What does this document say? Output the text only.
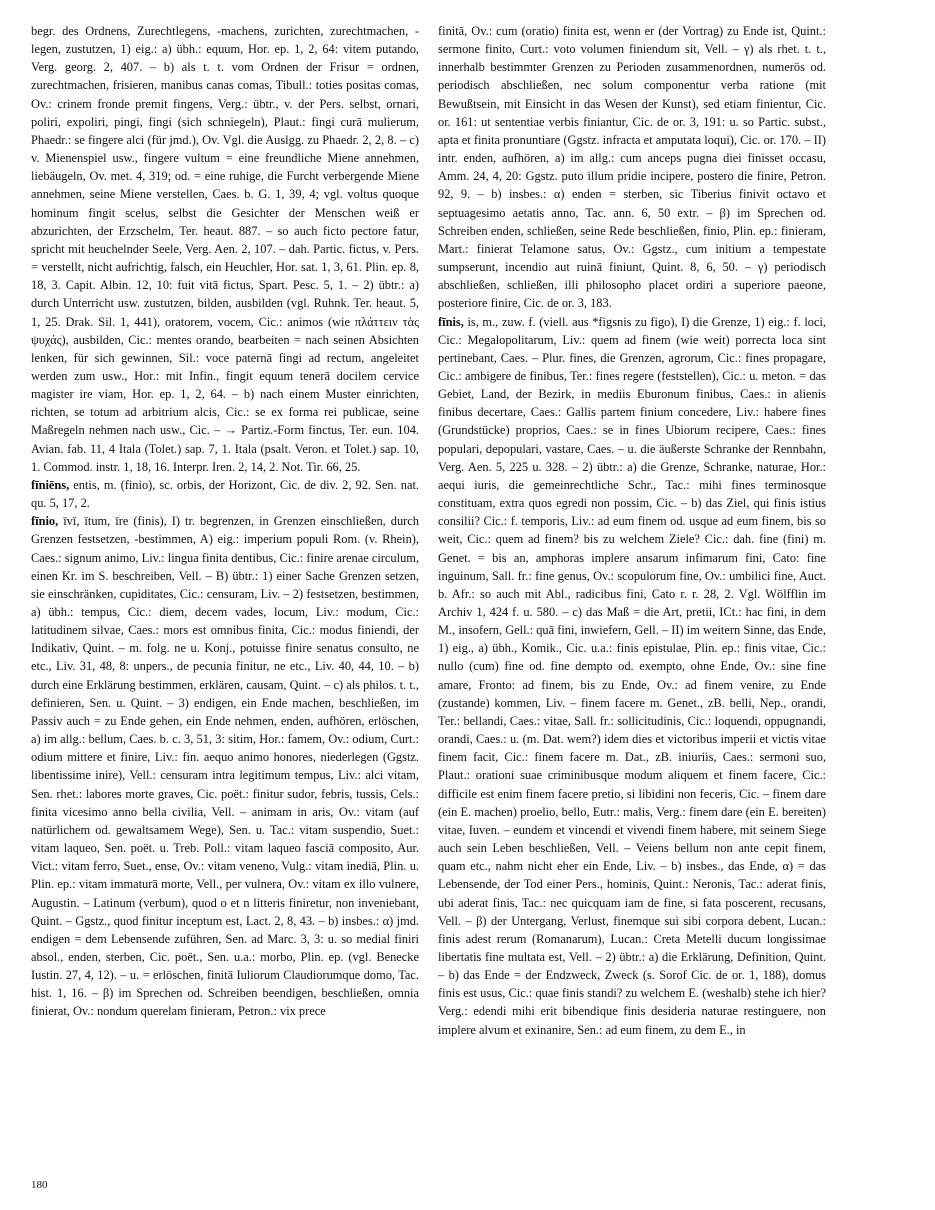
begr. des Ordnens, Zurechtlegens, -machens, zurichten, zurechtmachen, -legen, zustutzen, 1) eig.: a) übh.: equum, Hor. ep. 1, 2, 64: vitem putando, Verg. georg. 2, 407. – b) als t. t. vom Ordnen der Frisur = ordnen, zurechtmachen, frisieren, manibus canas comas, Tibull.: toties positas comas, Ov.: crinem fronde premit fingens, Verg.: übtr., v. der Pers. selbst, ornari, poliri, expoliri, pingi, fingi (sich schniegeln), Plaut.: fingi curā mulierum, Phaedr.: se fingere alci (für jmd.), Ov. Vgl. die Auslgg. zu Phaedr. 2, 2, 8. – c) v. Mienenspiel usw., fingere vultum = eine freundliche Miene annehmen, liebäugeln, Ov. met. 4, 319; od. = eine ruhige, die Furcht verbergende Miene annehmen, seine Miene verstellen, Caes. b. G. 1, 39, 4; vgl. voltus quoque hominum fingit scelus, selbst die Gesichter der Menschen weiß er abzurichten, der Erzschelm, Ter. heaut. 887. – so auch ficto pectore fatur, spricht mit heuchelnder Seele, Verg. Aen. 2, 107. – dah. Partic. fictus, v. Pers. = verstellt, nicht aufrichtig, falsch, ein Heuchler, Hor. sat. 1, 3, 61. Plin. ep. 8, 18, 3. Capit. Albin. 12, 10: fuit vitā fictus, Spart. Pesc. 5, 1. – 2) übtr.: a) durch Unterricht usw. zustutzen, bilden, ausbilden (vgl. Ruhnk. Ter. heaut. 5, 1, 25. Drak. Sil. 1, 441), oratorem, vocem, Cic.: animos (wie πλάττειν τὰς ψυχάς), ausbilden, Cic.: mentes orando, bearbeiten = nach seinen Absichten lenken, für sich gewinnen, Sil.: voce paternā fingi ad rectum, angeleitet werden zum usw., Hor.: mit Infin., fingit equum tenerā docilem cervice magister ire viam, Hor. ep. 1, 2, 64. – b) nach einem Muster einrichten, richten, se totum ad arbitrium alcis, Cic.: se ex forma rei publicae, seine Maßregeln nehmen nach usw., Cic. – → Partiz.-Form finctus, Ter. eun. 104. Avian. fab. 11, 4 Itala (Tolet.) sap. 7, 1. Itala (psalt. Veron. et Tolet.) sap. 10, 1. Commod. instr. 1, 18, 16. Interpr. Iren. 2, 14, 2. Not. Tir. 66, 25.

fīniēns, entis, m. (finio), sc. orbis, der Horizont, Cic. de div. 2, 92. Sen. nat. qu. 5, 17, 2.

fīnio, īvī, ītum, īre (finis), I) tr. begrenzen, in Grenzen einschließen, durch Grenzen festsetzen, -bestimmen, A) eig.: imperium populi Rom. (v. Rhein), Caes.: signum animo, Liv.: lingua finita dentibus, Cic.: finire arenae circulum, einen Kr. im S. beschreiben, Vell. – B) übtr.: 1) einer Sache Grenzen setzen, sie einschränken, cupiditates, Cic.: censuram, Liv. – 2) festsetzen, bestimmen, a) übh.: tempus, Cic.: diem, decem vades, locum, Liv.: modum, Cic.: latitudinem silvae, Caes.: mors est omnibus finita, Cic.: modus finiendi, der Indikativ, Quint. – m. folg. ne u. Konj., potuisse finire senatus consulto, ne etc., Liv. 31, 48, 8: unpers., de pecunia finitur, ne etc., Liv. 40, 44, 10. – b) durch eine Erklärung bestimmen, erklären, causam, Quint. – c) als philos. t. t., definieren, Sen. u. Quint. – 3) endigen, ein Ende machen, beschließen, im Passiv auch = zu Ende gehen, ein Ende nehmen, enden, aufhören, erlöschen, a) im allg.: bellum, Caes. b. c. 3, 51, 3: sitim, Hor.: famem, Ov.: odium, Curt.: odium mittere et finire, Liv.: fin. aequo animo honores, niederlegen (Ggstz. libentissime inire), Vell.: censuram intra legitimum tempus, Liv.: alci vitam, Sen. rhet.: labores morte graves, Cic. poët.: finitur sudor, febris, tussis, Cels.: finita vicesimo anno bella civilia, Vell. – animam in aris, Ov.: vitam (auf natürlichem od. gewaltsamem Wege), Sen. u. Tac.: vitam suspendio, Suet.: vitam laqueo, Sen. poët. u. Treb. Poll.: vitam laqueo fasciā composito, Aur. Vict.: vitam ferro, Suet., ense, Ov.: vitam veneno, Vulg.: vitam inediā, Plin. u. Plin. ep.: vitam immaturā morte, Vell., per vulnera, Ov.: vitam ex illo vulnere, Augustin. – Latinum (verbum), quod o et n litteris finiretur, non inveniebant, Quint. – Ggstz., quod finitur inceptum est, Lact. 2, 8, 43. – b) insbes.: α) jmd. endigen = dem Lebensende zuführen, Sen. ad Marc. 3, 3: u. so medial finiri absol., enden, sterben, Cic. poët., Sen. u.a.: morbo, Plin. ep. (vgl. Benecke Iustin. 27, 4, 12). – u. = erlöschen, finitā Iuliorum Claudiorumque domo, Tac. hist. 1, 16. – β) im Sprechen od. Schreiben beendigen, beschließen, omnia finierat, Ov.: nondum querelam finieram, Petron.: vix prece

finitā, Ov.: cum (oratio) finita est, wenn er (der Vortrag) zu Ende ist, Quint.: sermone finito, Curt.: voto volumen finiendum sit, Vell. – γ) als rhet. t. t., innerhalb bestimmter Grenzen zu Perioden zusammenordnen, numerös od. periodisch abschließen, nec solum componentur verba ratione (mit Bewußtsein, mit Einsicht in das Wesen der Kunst), sed etiam finientur, Cic. or. 161: ut sententiae verbis finiantur, Cic. de or. 3, 191: u. so Partic. subst., apta et finita pronuntiare (Ggstz. infracta et amputata loqui), Cic. or. 170. – II) intr. enden, aufhören, a) im allg.: cum anceps pugna diei finisset occasu, Amm. 24, 4, 20: Ggstz. puto illum pridie incipere, postero die finire, Petron. 92, 9. – b) insbes.: α) enden = sterben, sic Tiberius finivit octavo et septuagesimo aetatis anno, Tac. ann. 6, 50 extr. – β) im Sprechen od. Schreiben enden, schließen, seine Rede beschließen, finio, Plin. ep.: finieram, Mart.: finierat Telamone satus, Ov.: Ggstz., cum initium a tempestate sumpserunt, incendio aut ruinā finiunt, Quint. 8, 6, 50. – γ) periodisch abschließen, schließen, illi philosopho placet ordiri a superiore paeone, posteriore finire, Cic. de or. 3, 183.

fīnis, is, m., zuw. f. (viell. aus *figsnis zu figo), I) die Grenze, 1) eig.: f. loci, Cic.: Megalopolitarum, Liv.: quem ad finem (wie weit) porrecta loca sint pertinebant, Caes. – Plur. fines, die Grenzen, agrorum, Cic.: fines propagare, Cic.: ambigere de finibus, Ter.: fines regere (feststellen), Cic.: u. meton. = das Gebiet, Land, der Bezirk, in mediis Eburonum finibus, Caes.: in alienis finibus decertare, Caes.: Gallis partem finium concedere, Liv.: habere fines (Grundstücke) proprios, Caes.: se in fines Ubiorum recipere, Caes.: fines populari, depopulari, vastare, Caes. – u. die äußerste Schranke der Rennbahn, Verg. Aen. 5, 225 u. 328. – 2) übtr.: a) die Grenze, Schranke, naturae, Hor.: aequi iuris, die gemeinrechtliche Schr., Tac.: mihi fines terminosque constituam, extra quos egredi non possim, Cic. – b) das Ziel, qui finis istius consilii? Cic.: f. temporis, Liv.: ad eum finem od. usque ad eum finem, bis so weit, Cic.: quem ad finem? bis zu welchem Ziele? Cic.: dah. fine (fini) m. Genet. = bis an, amphoras implere ansarum infimarum fini, Cato: fine inguinum, Sall. fr.: fine genus, Ov.: scopulorum fine, Ov.: umbilici fine, Auct. b. Afr.: so auch mit Abl., radicibus fini, Cato r. r. 28, 2. Vgl. Wölfflin im Archiv 1, 424 f. u. 580. – c) das Maß = die Art, pretii, ICt.: hac fini, in dem M., insofern, Gell.: quā fini, inwiefern, Gell. – II) im weitern Sinne, das Ende, 1) eig., a) übh., Komik., Cic. u.a.: finis epistulae, Plin. ep.: finis vitae, Cic.: nullo (cum) fine od. fine dempto od. exempto, ohne Ende, Ov.: sine fine amare, Fronto: ad finem, bis zu Ende, Ov.: ad finem venire, zu Ende (zustande) kommen, Liv. – finem facere m. Genet., zB. belli, Nep., orandi, Ter.: bellandi, Caes.: vitae, Sall. fr.: sollicitudinis, Cic.: loquendi, oppugnandi, orandi, Caes.: u. (m. Dat. wem?) idem dies et victoribus imperii et victis vitae finem facit, Cic.: finem facere m. Dat., zB. iniuriis, Caes.: sermoni suo, Plaut.: orationi suae criminibusque modum aliquem et finem facere, Cic.: difficile est enim finem facere pretio, si libidini non feceris, Cic. – finem dare (ein E. machen) proelio, bello, Eutr.: malis, Verg.: finem dare (ein E. bereiten) vitae, Iuven. – eundem et vincendi et vivendi finem habere, mit seinem Siege auch sein Leben beschließen, Vell. – Veiens bellum non ante cepit finem, quam etc., nahm nicht eher ein Ende, Liv. – b) insbes., das Ende, α) = das Lebensende, der Tod einer Pers., hominis, Quint.: Neronis, Tac.: aderat finis, ubi aderat finis, Tac.: nec quicquam iam de fine, si fata poscerent, recusans, Vell. – β) der Untergang, Verlust, finemque sui sibi corpora debent, Lucan.: finis adest rerum (Romanarum), Lucan.: Creta Metelli ducum longissimae libertatis fine multata est, Vell. – 2) übtr.: a) die Erklärung, Definition, Quint. – b) das Ende = der Endzweck, Zweck (s. Sorof Cic. de or. 1, 188), domus finis est usus, Cic.: quae finis standi? zu welchem E. (weshalb) stehe ich hier? Verg.: edendi mihi erit bibendique finis desideria naturae restinguere, non implere alvum et exinanire, Sen.: ad eum finem, zu dem E., in

180
